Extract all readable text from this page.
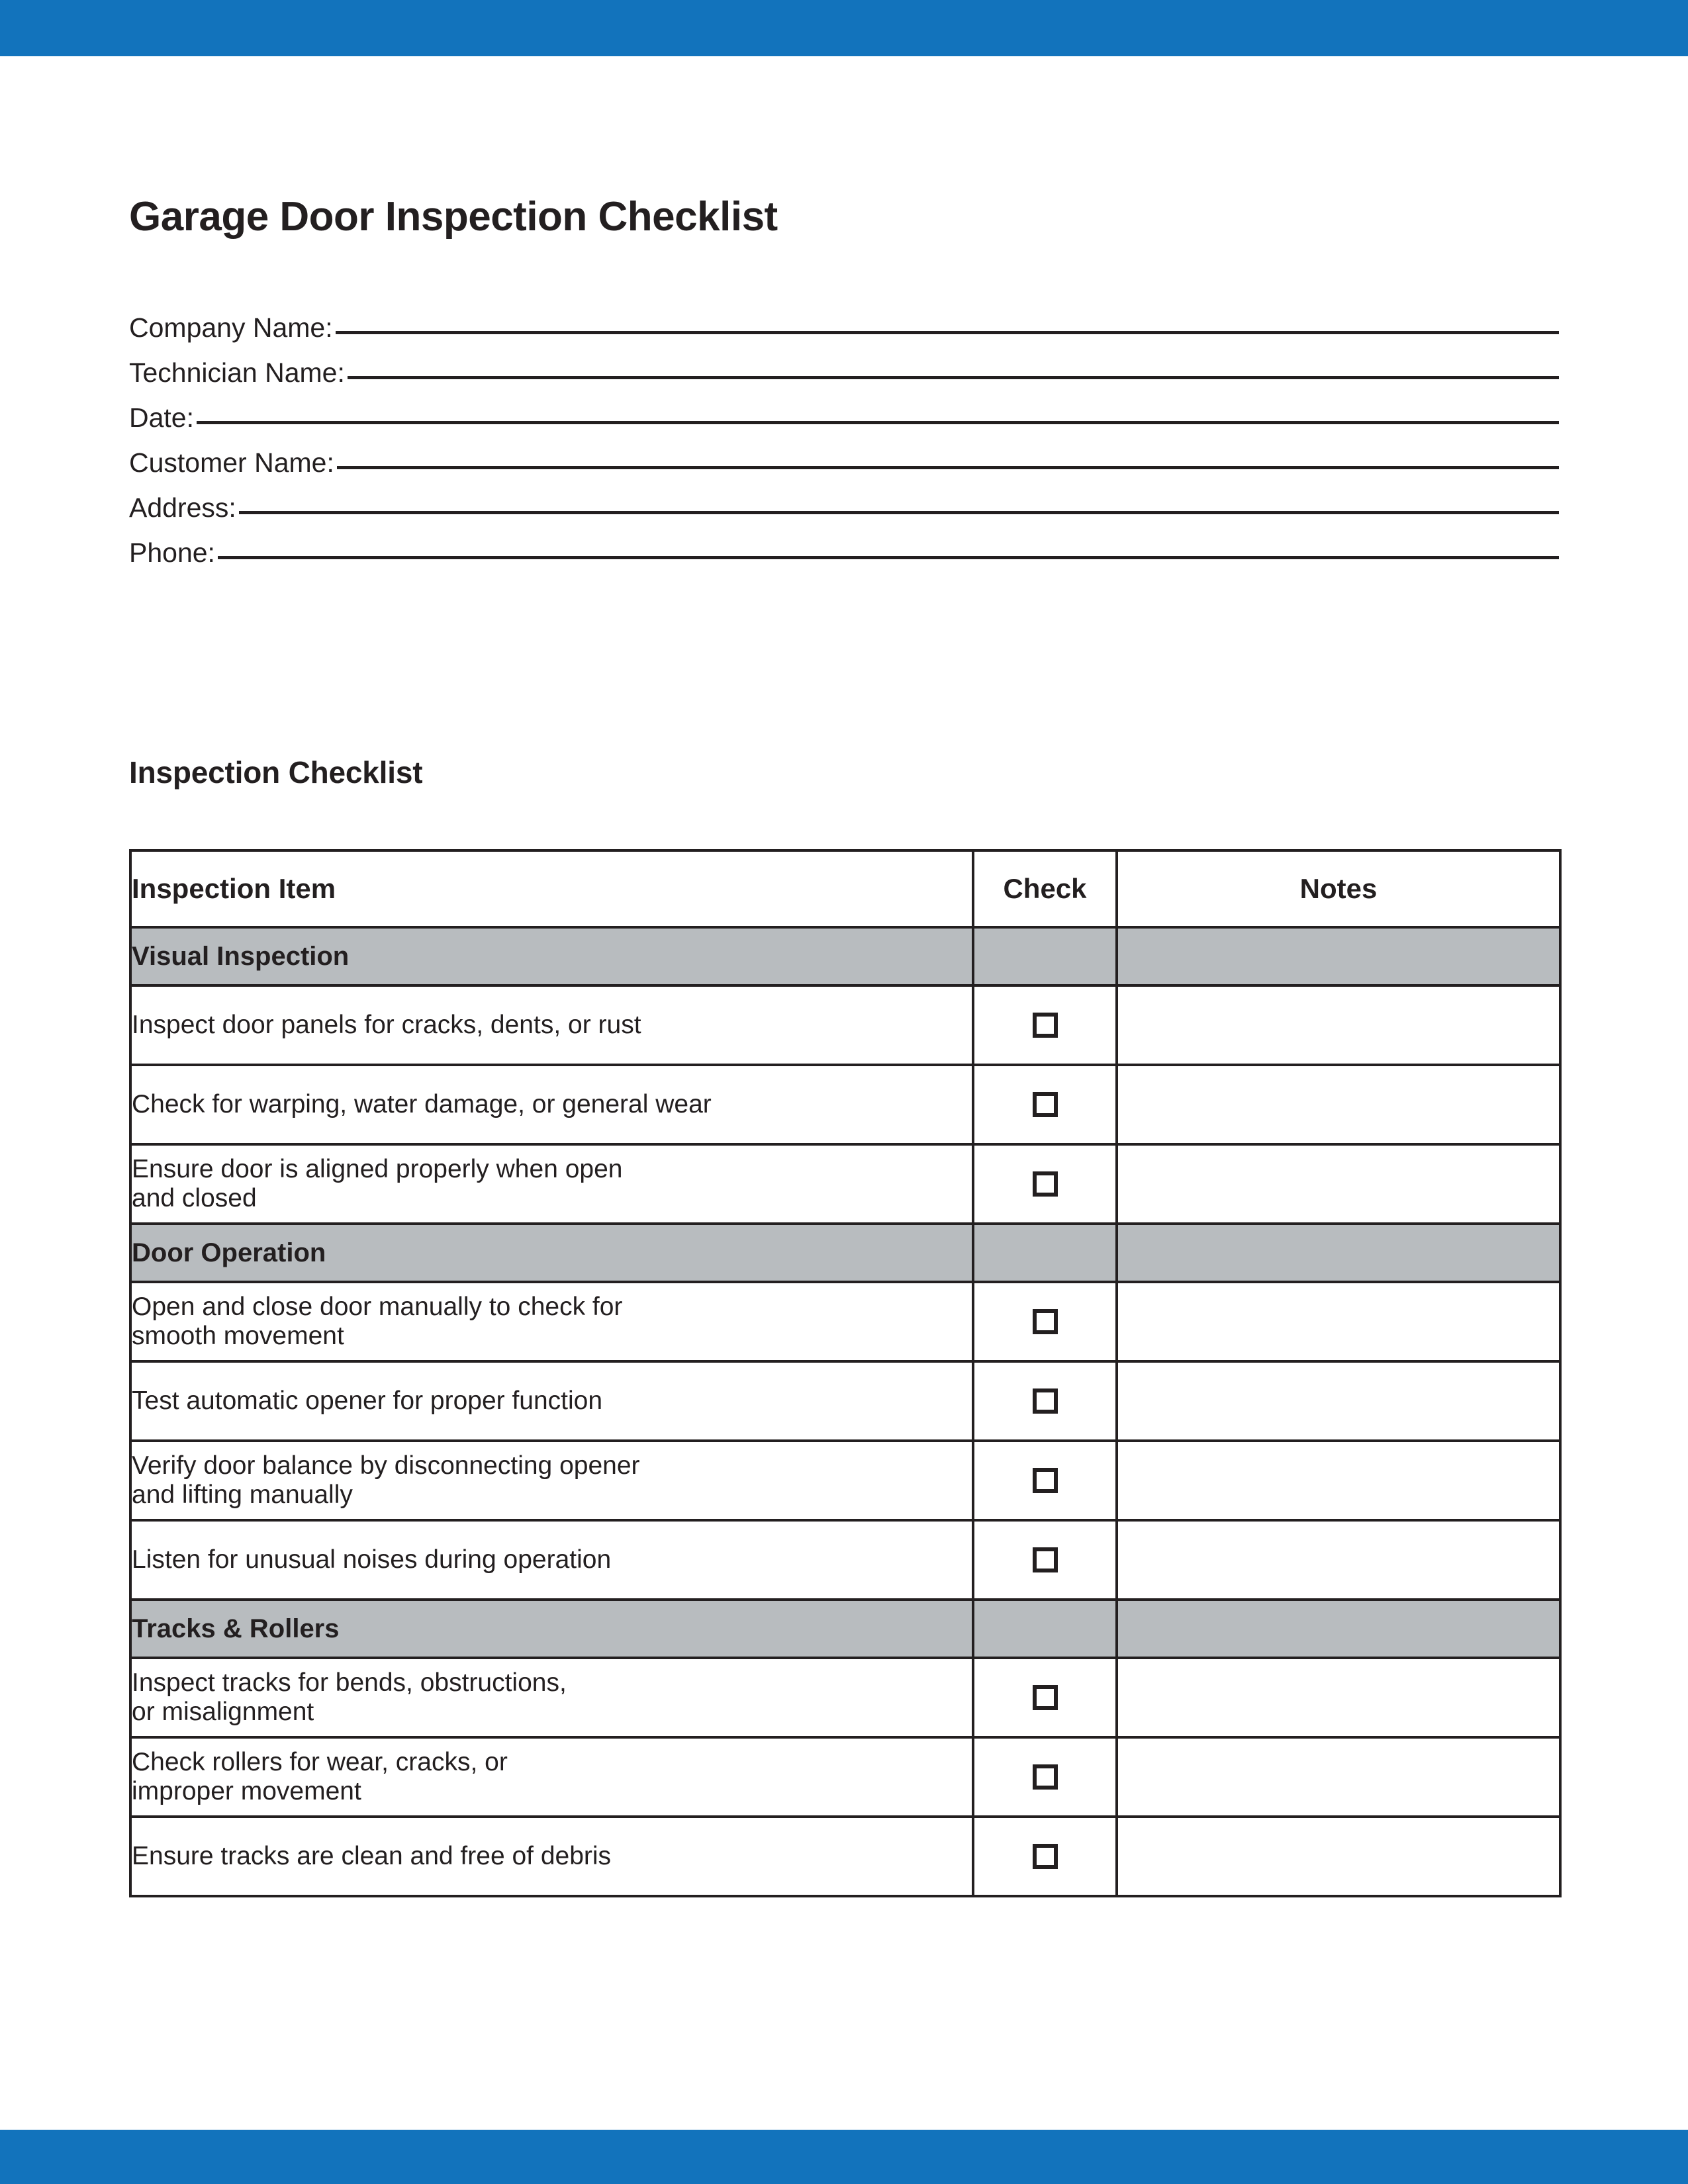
Garage Door Inspection Checklist
Company Name:
Technician Name:
Date:
Customer Name:
Address:
Phone:
Inspection Checklist
Inspection Item	Check	Notes
Visual Inspection		
Inspect door panels for cracks, dents, or rust		
Check for warping, water damage, or general wear		
Ensure door is aligned properly when open
and closed		
Door Operation		
Open and close door manually to check for
smooth movement		
Test automatic opener for proper function		
Verify door balance by disconnecting opener
and lifting manually		
Listen for unusual noises during operation		
Tracks & Rollers		
Inspect tracks for bends, obstructions,
or misalignment		
Check rollers for wear, cracks, or
improper movement		
Ensure tracks are clean and free of debris		
